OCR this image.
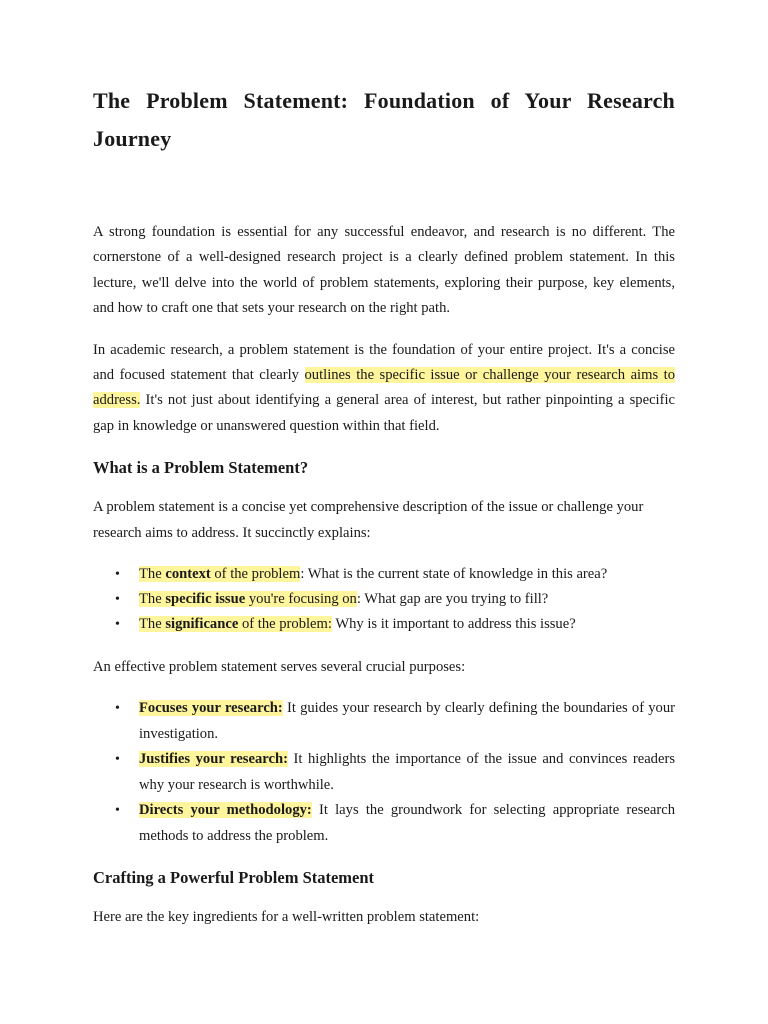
The Problem Statement: Foundation of Your Research Journey

A strong foundation is essential for any successful endeavor, and research is no different. The cornerstone of a well-designed research project is a clearly defined problem statement. In this lecture, we'll delve into the world of problem statements, exploring their purpose, key elements, and how to craft one that sets your research on the right path.

In academic research, a problem statement is the foundation of your entire project. It's a concise and focused statement that clearly outlines the specific issue or challenge your research aims to address. It's not just about identifying a general area of interest, but rather pinpointing a specific gap in knowledge or unanswered question within that field.

What is a Problem Statement?

A problem statement is a concise yet comprehensive description of the issue or challenge your research aims to address. It succinctly explains:

• The context of the problem: What is the current state of knowledge in this area?
• The specific issue you're focusing on: What gap are you trying to fill?
• The significance of the problem: Why is it important to address this issue?

An effective problem statement serves several crucial purposes:

• Focuses your research: It guides your research by clearly defining the boundaries of your investigation.
• Justifies your research: It highlights the importance of the issue and convinces readers why your research is worthwhile.
• Directs your methodology: It lays the groundwork for selecting appropriate research methods to address the problem.
Crafting a Powerful Problem Statement

Here are the key ingredients for a well-written problem statement:
